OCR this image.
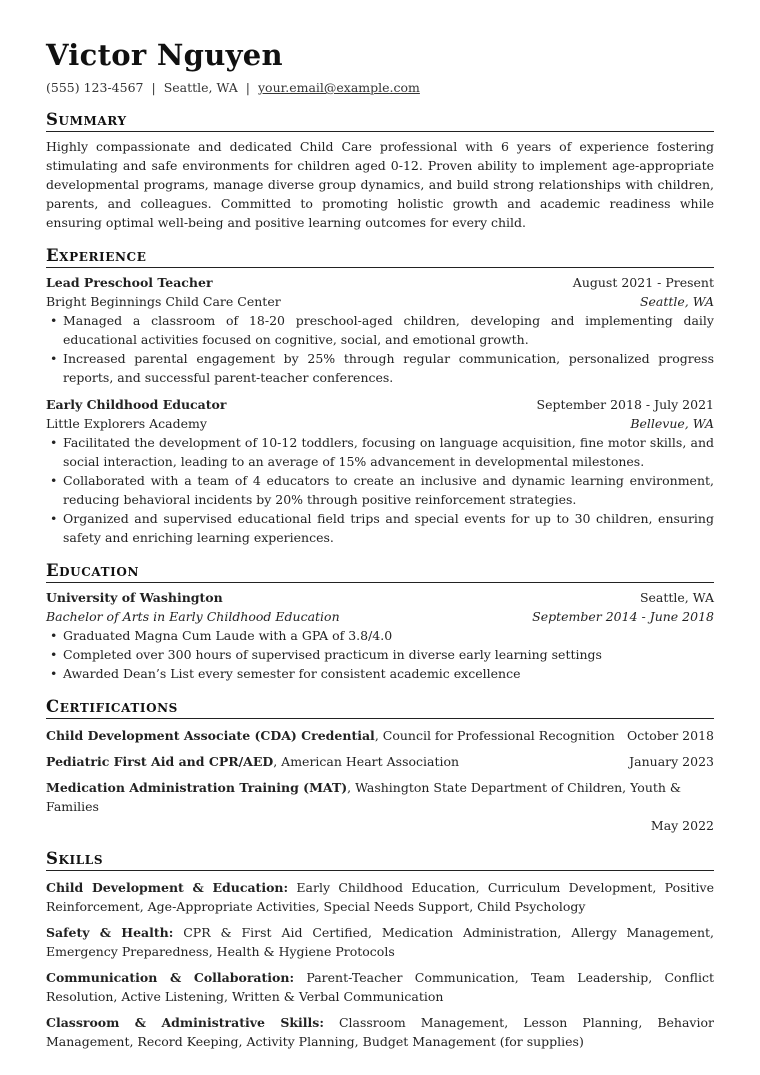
Victor Nguyen
(555) 123-4567 | Seattle, WA | your.email@example.com
Summary
Highly compassionate and dedicated Child Care professional with 6 years of experience fostering stimulating and safe environments for children aged 0-12. Proven ability to implement age-appropriate developmental programs, manage diverse group dynamics, and build strong relationships with children, parents, and colleagues. Committed to promoting holistic growth and academic readiness while ensuring optimal well-being and positive learning outcomes for every child.
Experience
Lead Preschool Teacher	August 2021 - Present
Bright Beginnings Child Care Center	Seattle, WA
• Managed a classroom of 18-20 preschool-aged children, developing and implementing daily educational activities focused on cognitive, social, and emotional growth.
• Increased parental engagement by 25% through regular communication, personalized progress reports, and successful parent-teacher conferences.
Early Childhood Educator	September 2018 - July 2021
Little Explorers Academy	Bellevue, WA
• Facilitated the development of 10-12 toddlers, focusing on language acquisition, fine motor skills, and social interaction, leading to an average of 15% advancement in developmental milestones.
• Collaborated with a team of 4 educators to create an inclusive and dynamic learning environment, reducing behavioral incidents by 20% through positive reinforcement strategies.
• Organized and supervised educational field trips and special events for up to 30 children, ensuring safety and enriching learning experiences.
Education
University of Washington	Seattle, WA
Bachelor of Arts in Early Childhood Education	September 2014 - June 2018
• Graduated Magna Cum Laude with a GPA of 3.8/4.0
• Completed over 300 hours of supervised practicum in diverse early learning settings
• Awarded Dean’s List every semester for consistent academic excellence
Certifications
Child Development Associate (CDA) Credential, Council for Professional Recognition October 2018
Pediatric First Aid and CPR/AED, American Heart Association	January 2023
Medication Administration Training (MAT), Washington State Department of Children, Youth & Families
May 2022
Skills
Child Development & Education: Early Childhood Education, Curriculum Development, Positive Reinforcement, Age-Appropriate Activities, Special Needs Support, Child Psychology
Safety & Health: CPR & First Aid Certified, Medication Administration, Allergy Management, Emergency Preparedness, Health & Hygiene Protocols
Communication & Collaboration: Parent-Teacher Communication, Team Leadership, Conflict Resolution, Active Listening, Written & Verbal Communication
Classroom & Administrative Skills: Classroom Management, Lesson Planning, Behavior Management, Record Keeping, Activity Planning, Budget Management (for supplies)
